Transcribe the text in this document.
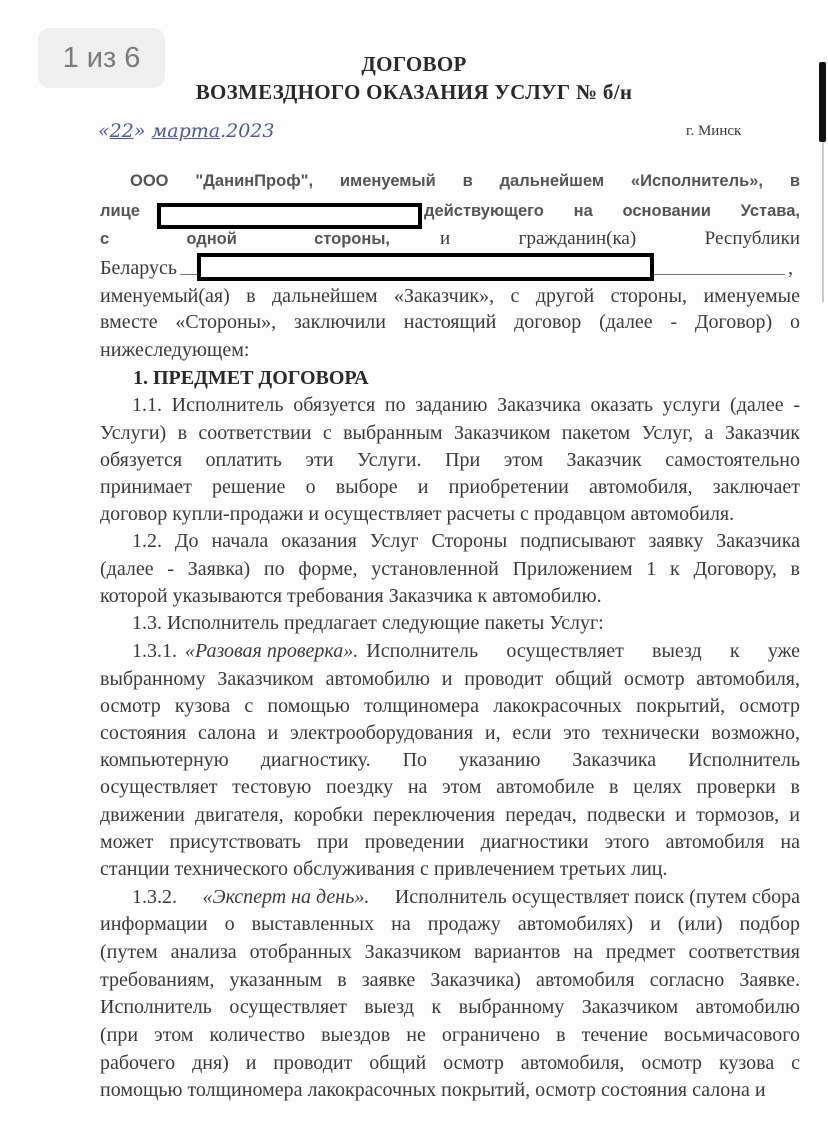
1 из 6	ДОГОВОР
ВОЗМЕЗДНОГО ОКАЗАНИЯ УСЛУГ № б/н
«22» марта.2023	г. Минск
ООО "ДанинПроф", именуемый в дальнейшем «Исполнитель», в
лице	действующего на основании Устава,
с одной стороны,	и гражданин(ка) Республики
Беларусь	,
именуемый(ая) в дальнейшем «Заказчик», с другой стороны, именуемые
вместе «Стороны», заключили настоящий договор (далее - Договор) о
нижеследующем:
1. ПРЕДМЕТ ДОГОВОРА
1.1. Исполнитель обязуется по заданию Заказчика оказать услуги (далее -
Услуги) в соответствии с выбранным Заказчиком пакетом Услуг, а Заказчик
обязуется оплатить эти Услуги. При этом Заказчик самостоятельно
принимает решение о выборе и приобретении автомобиля, заключает
договор купли-продажи и осуществляет расчеты с продавцом автомобиля.
1.2. До начала оказания Услуг Стороны подписывают заявку Заказчика
(далее - Заявка) по форме, установленной Приложением 1 к Договору, в
которой указываются требования Заказчика к автомобилю.
1.3. Исполнитель предлагает следующие пакеты Услуг:
1.3.1. «Разовая проверка». Исполнитель осуществляет выезд к уже
выбранному Заказчиком автомобилю и проводит общий осмотр автомобиля,
осмотр кузова с помощью толщиномера лакокрасочных покрытий, осмотр
состояния салона и электрооборудования и, если это технически возможно,
компьютерную диагностику. По указанию Заказчика Исполнитель
осуществляет тестовую поездку на этом автомобиле в целях проверки в
движении двигателя, коробки переключения передач, подвески и тормозов, и
может присутствовать при проведении диагностики этого автомобиля на
станции технического обслуживания с привлечением третьих лиц.
1.3.2. «Эксперт на день». Исполнитель осуществляет поиск (путем сбора
информации о выставленных на продажу автомобилях) и (или) подбор
(путем анализа отобранных Заказчиком вариантов на предмет соответствия
требованиям, указанным в заявке Заказчика) автомобиля согласно Заявке.
Исполнитель осуществляет выезд к выбранному Заказчиком автомобилю
(при этом количество выездов не ограничено в течение восьмичасового
рабочего дня) и проводит общий осмотр автомобиля, осмотр кузова с
помощью толщиномера лакокрасочных покрытий, осмотр состояния салона и
